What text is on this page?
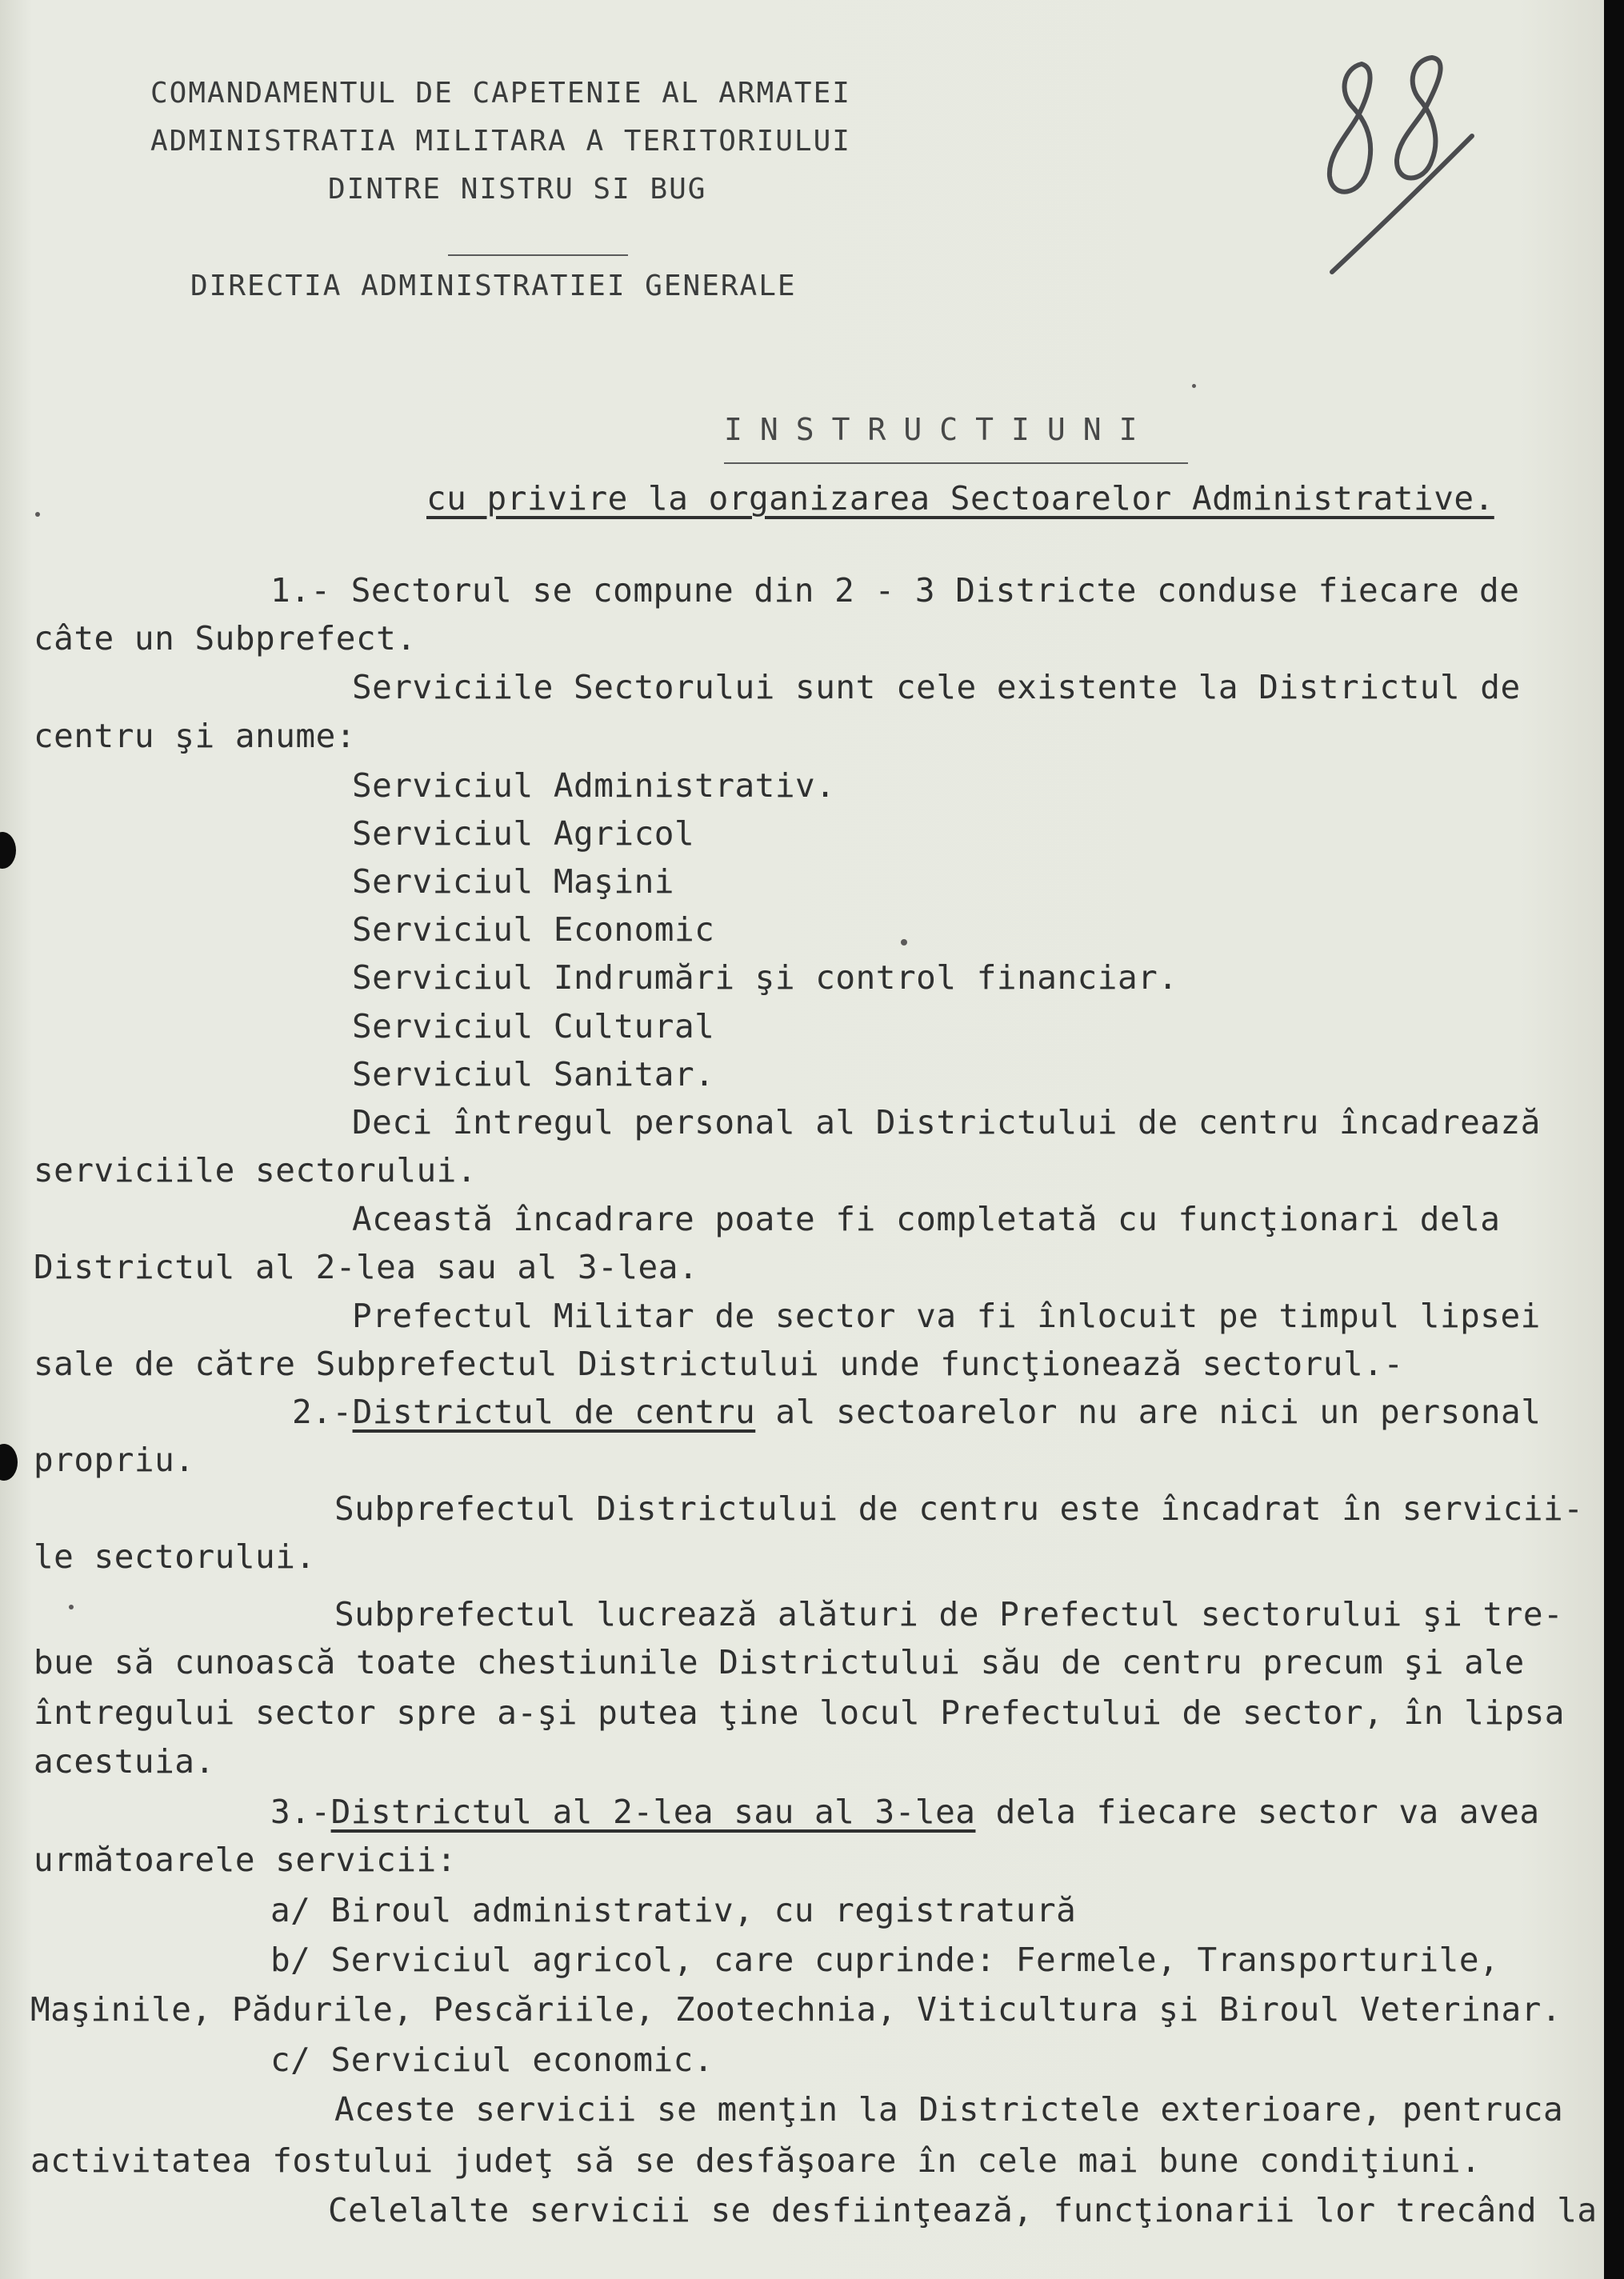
COMANDAMENTUL DE CAPETENIE AL ARMATEI
ADMINISTRATIA MILITARA A TERITORIULUI
DINTRE NISTRU SI BUG
DIRECTIA ADMINISTRATIEI GENERALE
INSTRUCTIUNI
cu privire la organizarea Sectoarelor Administrative.
1.- Sectorul se compune din 2 - 3 Districte conduse fiecare de
câte un Subprefect.
Serviciile Sectorului sunt cele existente la Districtul de
centru şi anume:
Serviciul Administrativ.
Serviciul Agricol
Serviciul Maşini
Serviciul Economic
Serviciul Indrumări şi control financiar.
Serviciul Cultural
Serviciul Sanitar.
Deci întregul personal al Districtului de centru încadrează
serviciile sectorului.
Această încadrare poate fi completată cu funcţionari dela
Districtul al 2-lea sau al 3-lea.
Prefectul Militar de sector va fi înlocuit pe timpul lipsei
sale de către Subprefectul Districtului unde funcţionează sectorul.-
2.-Districtul de centru al sectoarelor nu are nici un personal
propriu.
Subprefectul Districtului de centru este încadrat în servicii-
le sectorului.
Subprefectul lucrează alături de Prefectul sectorului şi tre-
bue să cunoască toate chestiunile Districtului său de centru precum şi ale
întregului sector spre a-şi putea ţine locul Prefectului de sector, în lipsa
acestuia.
3.-Districtul al 2-lea sau al 3-lea dela fiecare sector va avea
următoarele servicii:
a/ Biroul administrativ, cu registratură
b/ Serviciul agricol, care cuprinde: Fermele, Transporturile,
Maşinile, Pădurile, Pescăriile, Zootechnia, Viticultura şi Biroul Veterinar.
c/ Serviciul economic.
Aceste servicii se menţin la Districtele exterioare, pentruca
activitatea fostului judeţ să se desfăşoare în cele mai bune condiţiuni.
Celelalte servicii se desfiinţează, funcţionarii lor trecând la
